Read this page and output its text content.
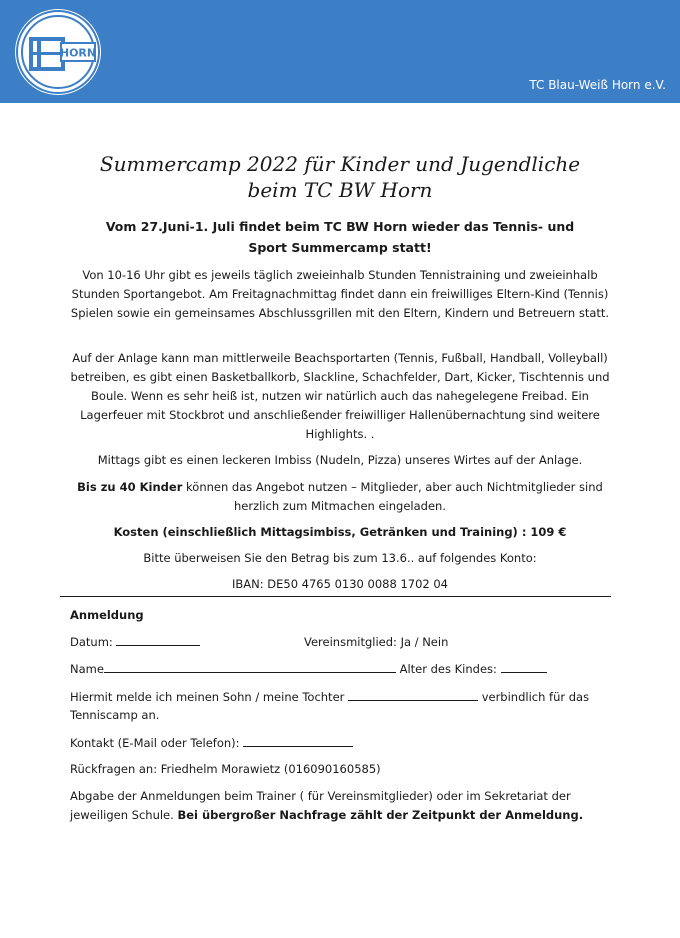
HORN
TC Blau-Weiß Horn e.V.
Summercamp 2022 für Kinder und Jugendliche
beim TC BW Horn
Vom 27.Juni-1. Juli findet beim TC BW Horn wieder das Tennis- und
Sport Summercamp statt!

Von 10-16 Uhr gibt es jeweils täglich zweieinhalb Stunden Tennistraining und zweieinhalb Stunden Sportangebot. Am Freitagnachmittag findet dann ein freiwilliges Eltern-Kind (Tennis) Spielen sowie ein gemeinsames Abschlussgrillen mit den Eltern, Kindern und Betreuern statt.

Auf der Anlage kann man mittlerweile Beachsportarten (Tennis, Fußball, Handball, Volleyball) betreiben, es gibt einen Basketballkorb, Slackline, Schachfelder, Dart, Kicker, Tischtennis und Boule. Wenn es sehr heiß ist, nutzen wir natürlich auch das nahegelegene Freibad. Ein Lagerfeuer mit Stockbrot und anschließender freiwilliger Hallenübernachtung sind weitere Highlights. .

Mittags gibt es einen leckeren Imbiss (Nudeln, Pizza) unseres Wirtes auf der Anlage.

Bis zu 40 Kinder können das Angebot nutzen – Mitglieder, aber auch Nichtmitglieder sind herzlich zum Mitmachen eingeladen.

Kosten (einschließlich Mittagsimbiss, Getränken und Training) : 109 €

Bitte überweisen Sie den Betrag bis zum 13.6.. auf folgendes Konto:

IBAN: DE50 4765 0130 0088 1702 04

Anmeldung
Datum:	Vereinsmitglied: Ja / Nein
Name	Alter des Kindes:
Hiermit melde ich meinen Sohn / meine Tochter	verbindlich für das
Tenniscamp an.
Kontakt (E-Mail oder Telefon):
Rückfragen an: Friedhelm Morawietz (016090160585)

Abgabe der Anmeldungen beim Trainer ( für Vereinsmitglieder) oder im Sekretariat der jeweiligen Schule. Bei übergroßer Nachfrage zählt der Zeitpunkt der Anmeldung.
